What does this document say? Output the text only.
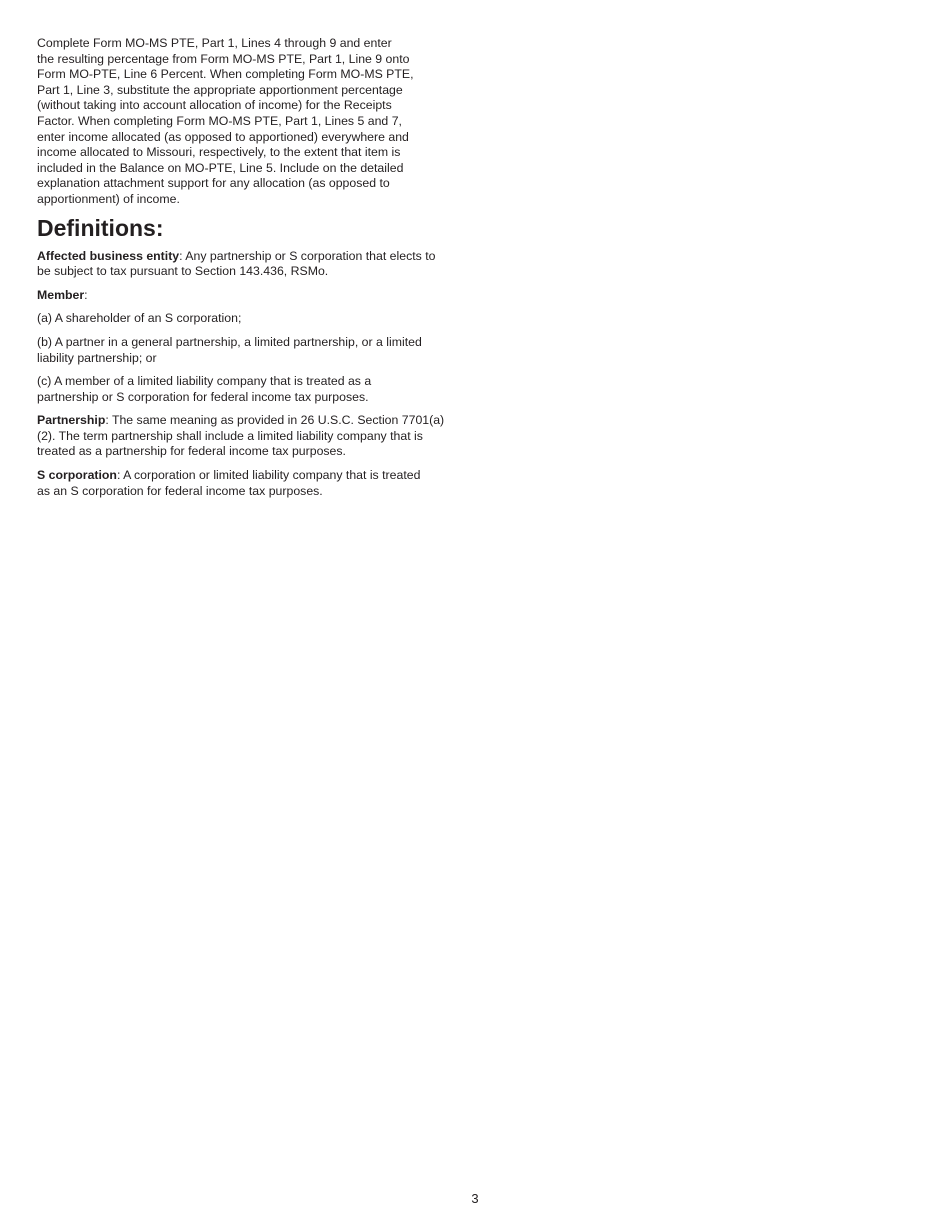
Complete Form MO-MS PTE, Part 1, Lines 4 through 9 and enter
the resulting percentage from Form MO-MS PTE, Part 1, Line 9 onto
Form MO-PTE, Line 6 Percent. When completing Form MO-MS PTE,
Part 1, Line 3, substitute the appropriate apportionment percentage
(without taking into account allocation of income) for the Receipts
Factor. When completing Form MO-MS PTE, Part 1, Lines 5 and 7,
enter income allocated (as opposed to apportioned) everywhere and
income allocated to Missouri, respectively, to the extent that item is
included in the Balance on MO-PTE, Line 5. Include on the detailed
explanation attachment support for any allocation (as opposed to
apportionment) of income.

Definitions:

Affected business entity: Any partnership or S corporation that elects to
be subject to tax pursuant to Section 143.436, RSMo.

Member:

(a) A shareholder of an S corporation;

(b) A partner in a general partnership, a limited partnership, or a limited
liability partnership; or

(c) A member of a limited liability company that is treated as a
partnership or S corporation for federal income tax purposes.

Partnership: The same meaning as provided in 26 U.S.C. Section 7701(a)
(2). The term partnership shall include a limited liability company that is
treated as a partnership for federal income tax purposes.

S corporation: A corporation or limited liability company that is treated
as an S corporation for federal income tax purposes.

3
